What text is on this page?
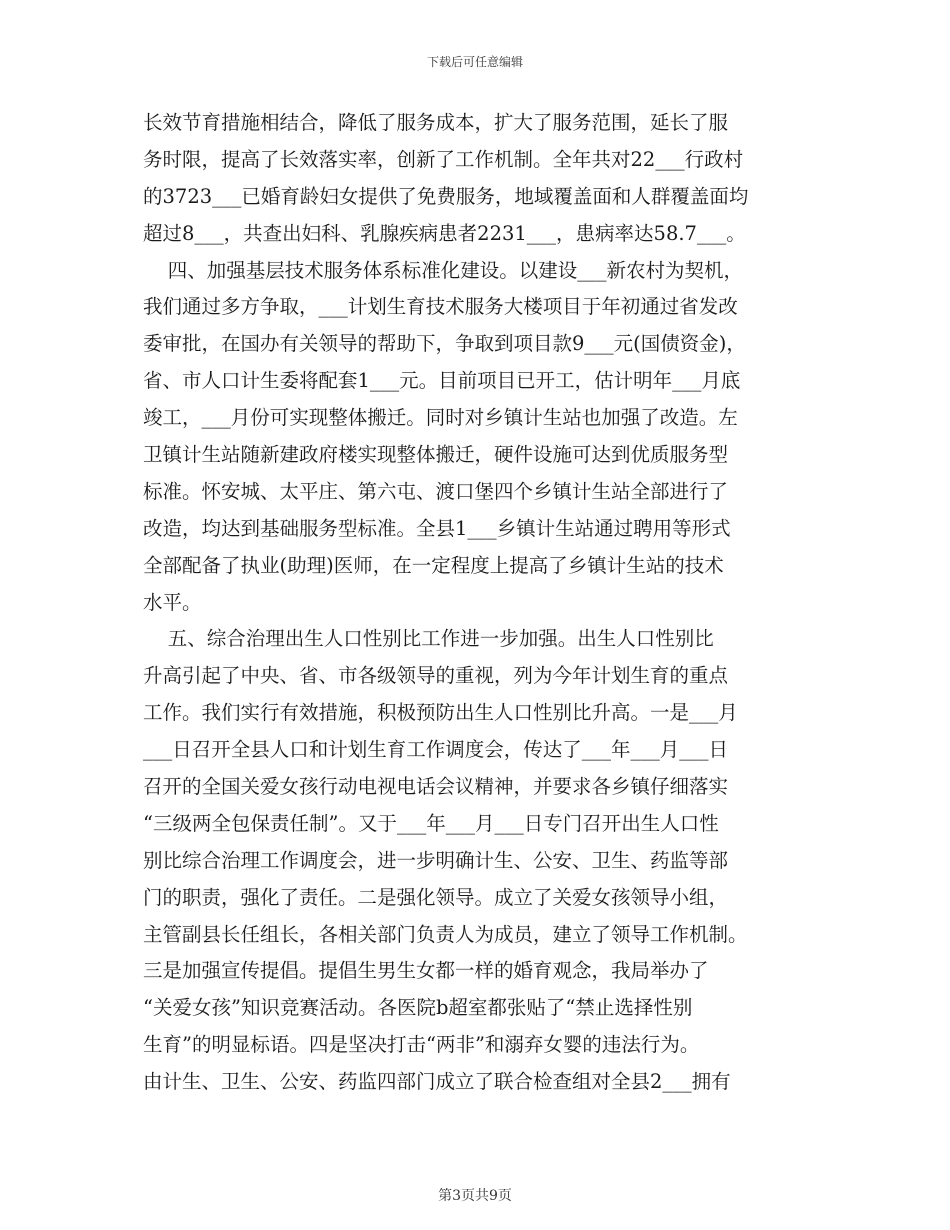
下载后可任意编辑
长效节育措施相结合，降低了服务成本，扩大了服务范围，延长了服
务时限，提高了长效落实率，创新了工作机制。全年共对22___行政村
的3723___已婚育龄妇女提供了免费服务，地域覆盖面和人群覆盖面均
超过8___，共查出妇科、乳腺疾病患者2231___，患病率达58.7___。
四、加强基层技术服务体系标准化建设。以建设___新农村为契机，
我们通过多方争取，___计划生育技术服务大楼项目于年初通过省发改
委审批，在国办有关领导的帮助下，争取到项目款9___元(国债资金)，
省、市人口计生委将配套1___元。目前项目已开工，估计明年___月底
竣工，___月份可实现整体搬迁。同时对乡镇计生站也加强了改造。左
卫镇计生站随新建政府楼实现整体搬迁，硬件设施可达到优质服务型
标准。怀安城、太平庄、第六屯、渡口堡四个乡镇计生站全部进行了
改造，均达到基础服务型标准。全县1___乡镇计生站通过聘用等形式
全部配备了执业(助理)医师，在一定程度上提高了乡镇计生站的技术
水平。
五、综合治理出生人口性别比工作进一步加强。出生人口性别比
升高引起了中央、省、市各级领导的重视，列为今年计划生育的重点
工作。我们实行有效措施，积极预防出生人口性别比升高。一是___月
___日召开全县人口和计划生育工作调度会，传达了___年___月___日
召开的全国关爱女孩行动电视电话会议精神，并要求各乡镇仔细落实
“三级两全包保责任制”。又于___年___月___日专门召开出生人口性
别比综合治理工作调度会，进一步明确计生、公安、卫生、药监等部
门的职责，强化了责任。二是强化领导。成立了关爱女孩领导小组，
主管副县长任组长，各相关部门负责人为成员，建立了领导工作机制。
三是加强宣传提倡。提倡生男生女都一样的婚育观念，我局举办了
“关爱女孩”知识竞赛活动。各医院b超室都张贴了“禁止选择性别
生育”的明显标语。四是坚决打击“两非”和溺弃女婴的违法行为。
由计生、卫生、公安、药监四部门成立了联合检查组对全县2___拥有
第3页共9页
